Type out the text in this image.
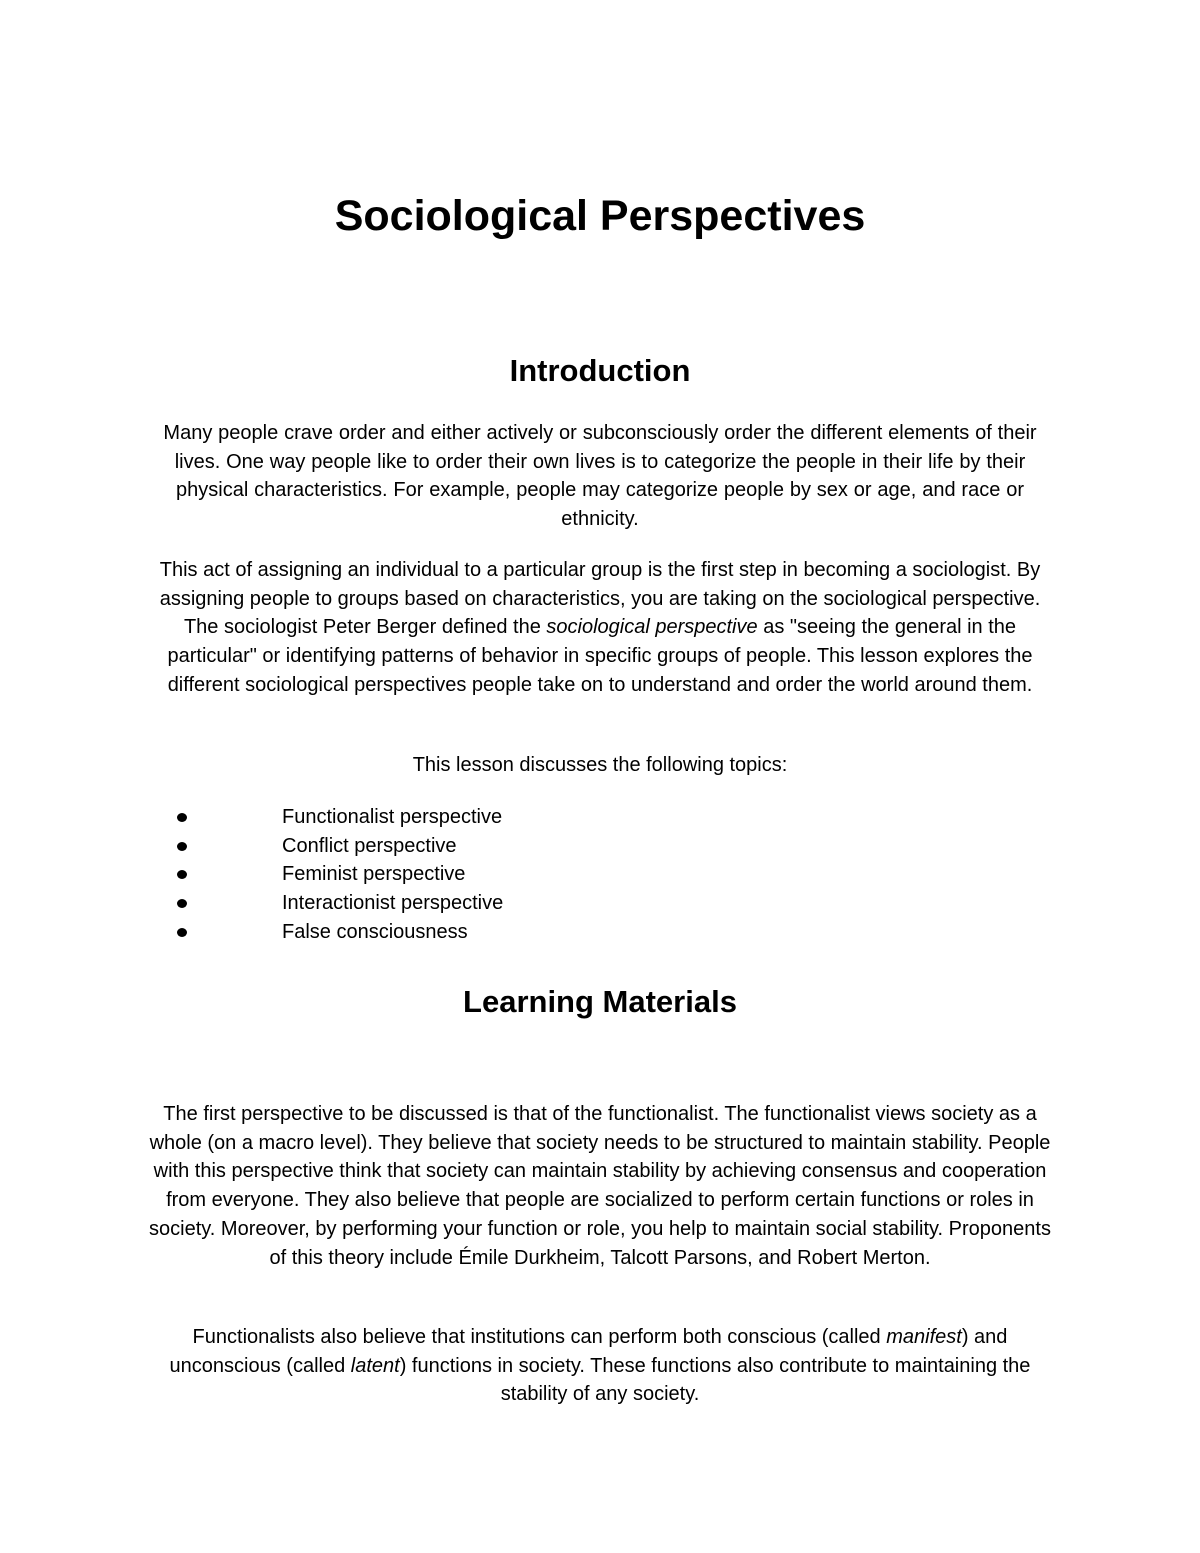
Sociological Perspectives
Introduction

Many people crave order and either actively or subconsciously order the different elements of their lives. One way people like to order their own lives is to categorize the people in their life by their physical characteristics. For example, people may categorize people by sex or age, and race or ethnicity.

This act of assigning an individual to a particular group is the first step in becoming a sociologist. By assigning people to groups based on characteristics, you are taking on the sociological perspective. The sociologist Peter Berger defined the sociological perspective as "seeing the general in the particular" or identifying patterns of behavior in specific groups of people. This lesson explores the different sociological perspectives people take on to understand and order the world around them.

This lesson discusses the following topics:

Functionalist perspective
Conflict perspective
Feminist perspective
Interactionist perspective
False consciousness
Learning Materials

The first perspective to be discussed is that of the functionalist. The functionalist views society as a whole (on a macro level). They believe that society needs to be structured to maintain stability. People with this perspective think that society can maintain stability by achieving consensus and cooperation from everyone. They also believe that people are socialized to perform certain functions or roles in society. Moreover, by performing your function or role, you help to maintain social stability. Proponents of this theory include Émile Durkheim, Talcott Parsons, and Robert Merton.

Functionalists also believe that institutions can perform both conscious (called manifest) and unconscious (called latent) functions in society. These functions also contribute to maintaining the stability of any society.
